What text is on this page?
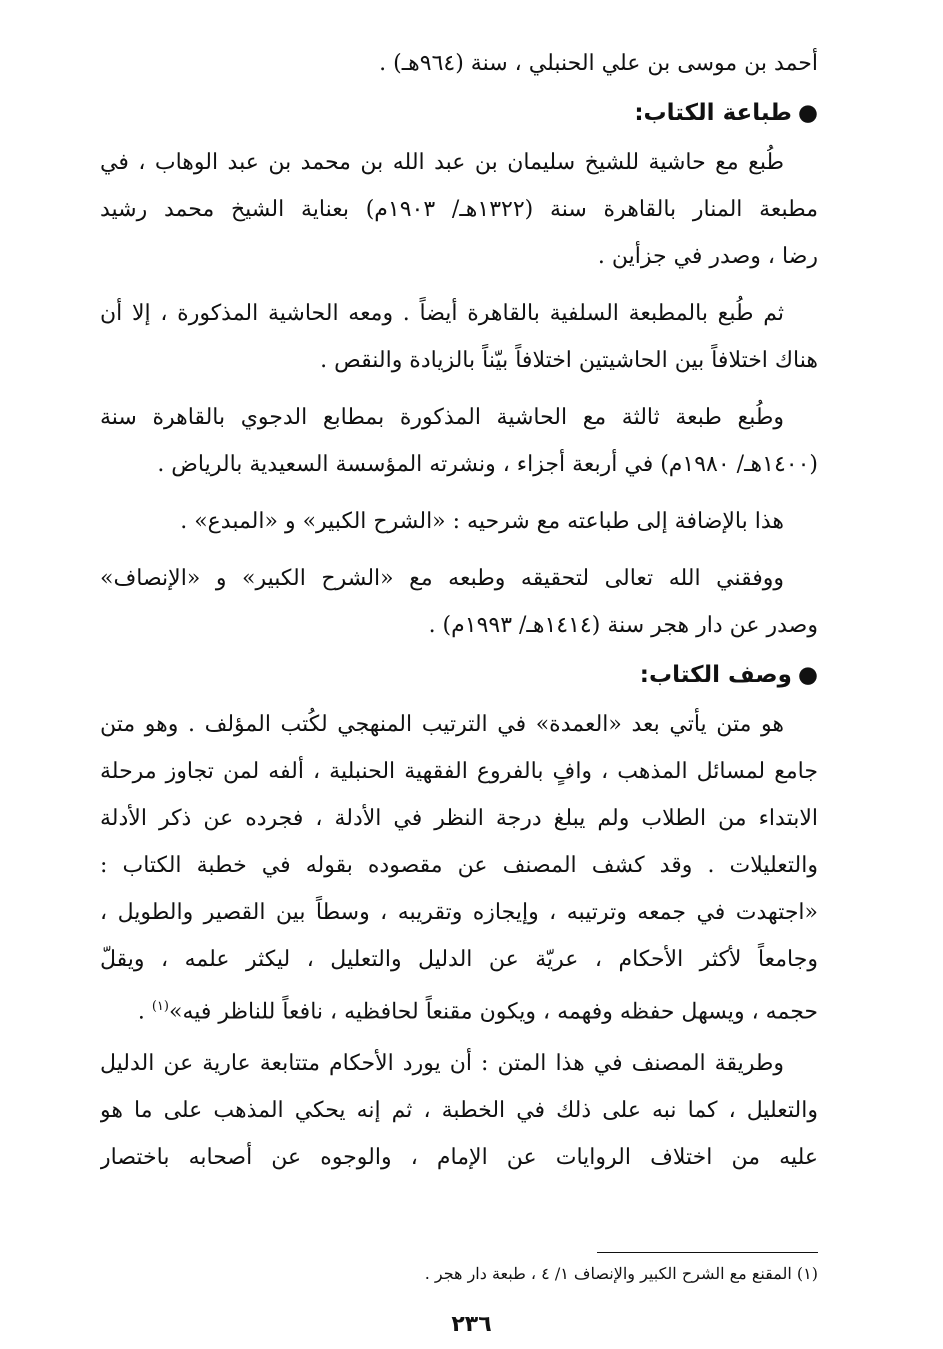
أحمد بن موسى بن علي الحنبلي ، سنة (٩٦٤هـ) .
●طباعة الكتاب:
طُبع مع حاشية للشيخ سليمان بن عبد الله بن محمد بن عبد الوهاب ، في
مطبعة المنار بالقاهرة سنة (١٣٢٢هـ/ ١٩٠٣م) بعناية الشيخ محمد رشيد
رضا ، وصدر في جزأين .
ثم طُبع بالمطبعة السلفية بالقاهرة أيضاً . ومعه الحاشية المذكورة ، إلا أن
هناك اختلافاً بين الحاشيتين اختلافاً بيّناً بالزيادة والنقص .
وطُبع طبعة ثالثة مع الحاشية المذكورة بمطابع الدجوي بالقاهرة سنة
(١٤٠٠هـ/ ١٩٨٠م) في أربعة أجزاء ، ونشرته المؤسسة السعيدية بالرياض .
هذا بالإضافة إلى طباعته مع شرحيه : «الشرح الكبير» و «المبدع» .
ووفقني الله تعالى لتحقيقه وطبعه مع «الشرح الكبير» و «الإنصاف»
وصدر عن دار هجر سنة (١٤١٤هـ/ ١٩٩٣م) .
●وصف الكتاب:
هو متن يأتي بعد «العمدة» في الترتيب المنهجي لكُتب المؤلف . وهو متن
جامع لمسائل المذهب ، وافٍ بالفروع الفقهية الحنبلية ، ألفه لمن تجاوز مرحلة
الابتداء من الطلاب ولم يبلغ درجة النظر في الأدلة ، فجرده عن ذكر الأدلة
والتعليلات . وقد كشف المصنف عن مقصوده بقوله في خطبة الكتاب :
«اجتهدت في جمعه وترتيبه ، وإيجازه وتقريبه ، وسطاً بين القصير والطويل ،
وجامعاً لأكثر الأحكام ، عريّة عن الدليل والتعليل ، ليكثر علمه ، ويقلّ
حجمه ، ويسهل حفظه وفهمه ، ويكون مقنعاً لحافظيه ، نافعاً للناظر فيه»$^{(١)}$ .
وطريقة المصنف في هذا المتن : أن يورد الأحكام متتابعة عارية عن الدليل
والتعليل ، كما نبه على ذلك في الخطبة ، ثم إنه يحكي المذهب على ما هو
عليه من اختلاف الروايات عن الإمام ، والوجوه عن أصحابه باختصار
(١) المقنع مع الشرح الكبير والإنصاف ١/ ٤ ، طبعة دار هجر .
٢٣٦
